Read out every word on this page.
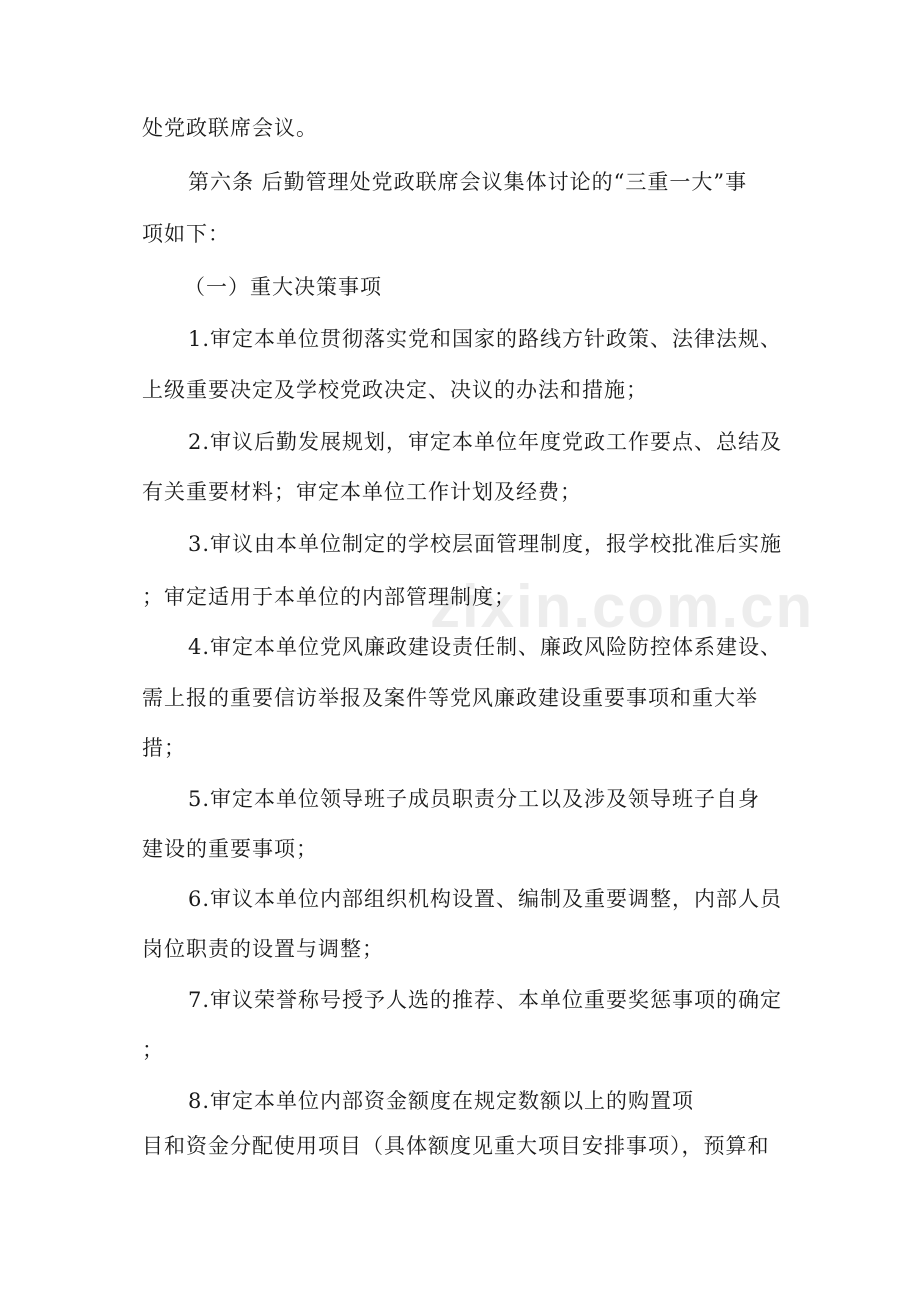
zixin.com.cn
处党政联席会议。
第六条 后勤管理处党政联席会议集体讨论的“三重一大”事
项如下：
（一）重大决策事项
1.审定本单位贯彻落实党和国家的路线方针政策、法律法规、
上级重要决定及学校党政决定、决议的办法和措施；
2.审议后勤发展规划，审定本单位年度党政工作要点、总结及
有关重要材料；审定本单位工作计划及经费；
3.审议由本单位制定的学校层面管理制度，报学校批准后实施
；审定适用于本单位的内部管理制度；
4.审定本单位党风廉政建设责任制、廉政风险防控体系建设、
需上报的重要信访举报及案件等党风廉政建设重要事项和重大举
措；
5.审定本单位领导班子成员职责分工以及涉及领导班子自身
建设的重要事项；
6.审议本单位内部组织机构设置、编制及重要调整，内部人员
岗位职责的设置与调整；
7.审议荣誉称号授予人选的推荐、本单位重要奖惩事项的确定
；
8.审定本单位内部资金额度在规定数额以上的购置项
目和资金分配使用项目（具体额度见重大项目安排事项），预算和
